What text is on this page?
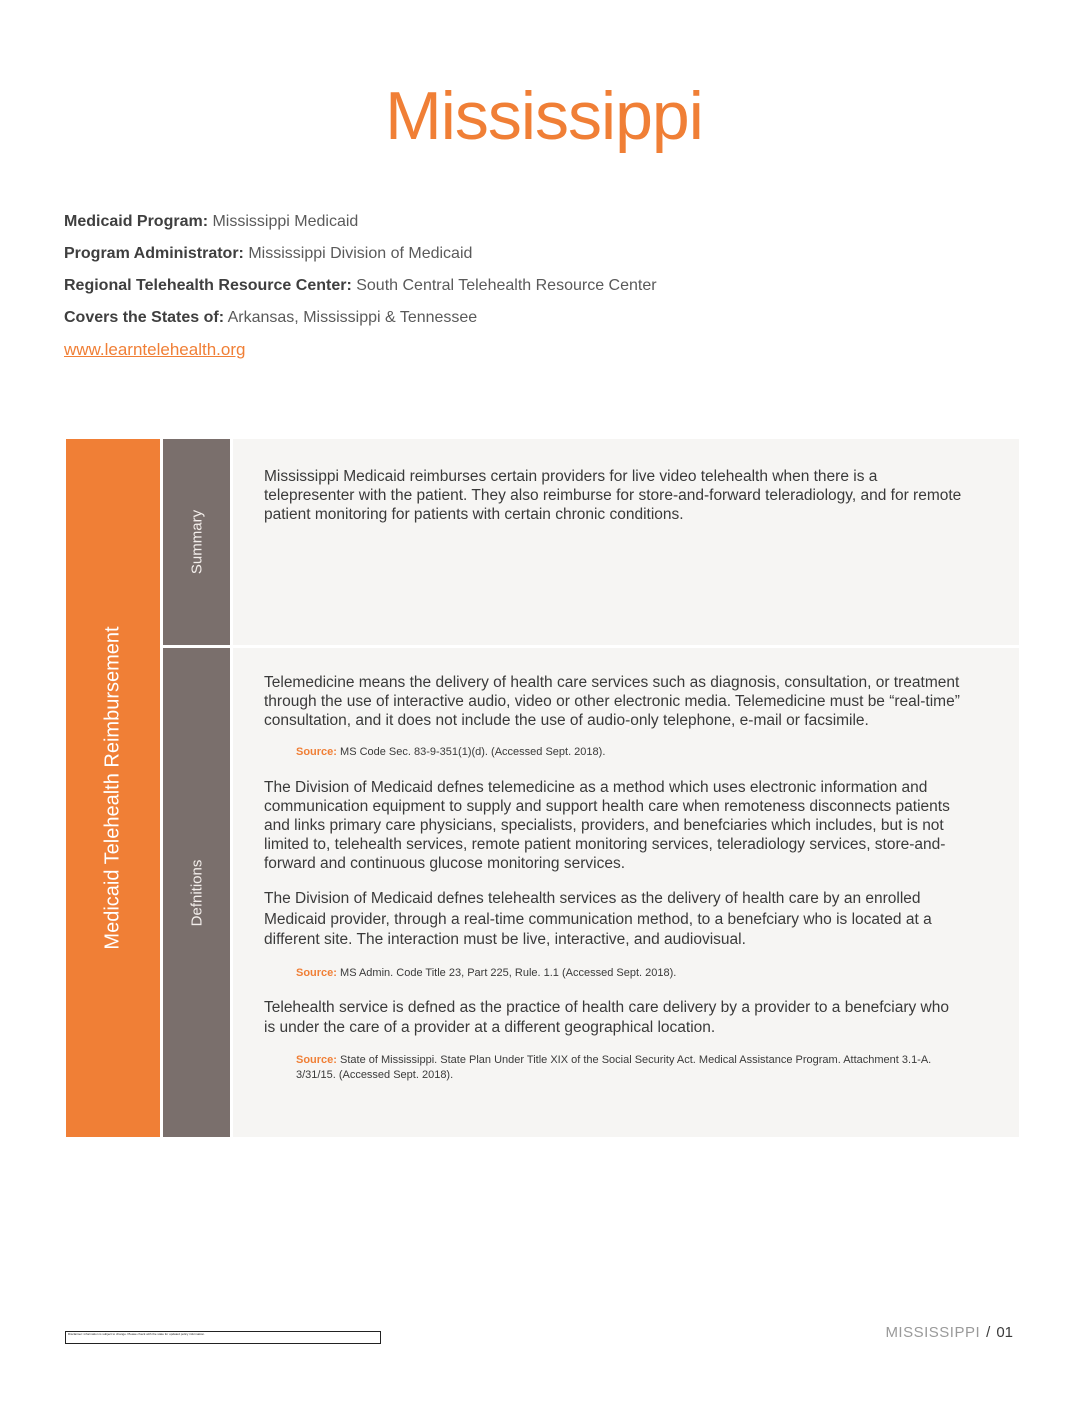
Mississippi
Medicaid Program: Mississippi Medicaid
Program Administrator: Mississippi Division of Medicaid
Regional Telehealth Resource Center: South Central Telehealth Resource Center
Covers the States of: Arkansas, Mississippi & Tennessee
www.learntelehealth.org
Medicaid Telehealth Reimbursement
Summary

Mississippi Medicaid reimburses certain providers for live video telehealth when there is a telepresenter with the patient. They also reimburse for store-and-forward teleradiology, and for remote patient monitoring for patients with certain chronic conditions.

Defnitions

Telemedicine means the delivery of health care services such as diagnosis, consultation, or treatment through the use of interactive audio, video or other electronic media. Telemedicine must be “real-time” consultation, and it does not include the use of audio-only telephone, e-mail or facsimile.

Source: MS Code Sec. 83-9-351(1)(d). (Accessed Sept. 2018).

The Division of Medicaid defnes telemedicine as a method which uses electronic information and communication equipment to supply and support health care when remoteness disconnects patients and links primary care physicians, specialists, providers, and benefciaries which includes, but is not limited to, telehealth services, remote patient monitoring services, teleradiology services, store-and-forward and continuous glucose monitoring services.

The Division of Medicaid defnes telehealth services as the delivery of health care by an enrolled Medicaid provider, through a real-time communication method, to a benefciary who is located at a different site. The interaction must be live, interactive, and audiovisual.

Source: MS Admin. Code Title 23, Part 225, Rule. 1.1 (Accessed Sept. 2018).

Telehealth service is defned as the practice of health care delivery by a provider to a benefciary who is under the care of a provider at a different geographical location.

Source: State of Mississippi. State Plan Under Title XIX of the Social Security Act. Medical Assistance Program. Attachment 3.1-A. 3/31/15. (Accessed Sept. 2018).

Disclaimer: information is subject to change. Please check with the state for updated policy information.	MISSISSIPPI / 01
